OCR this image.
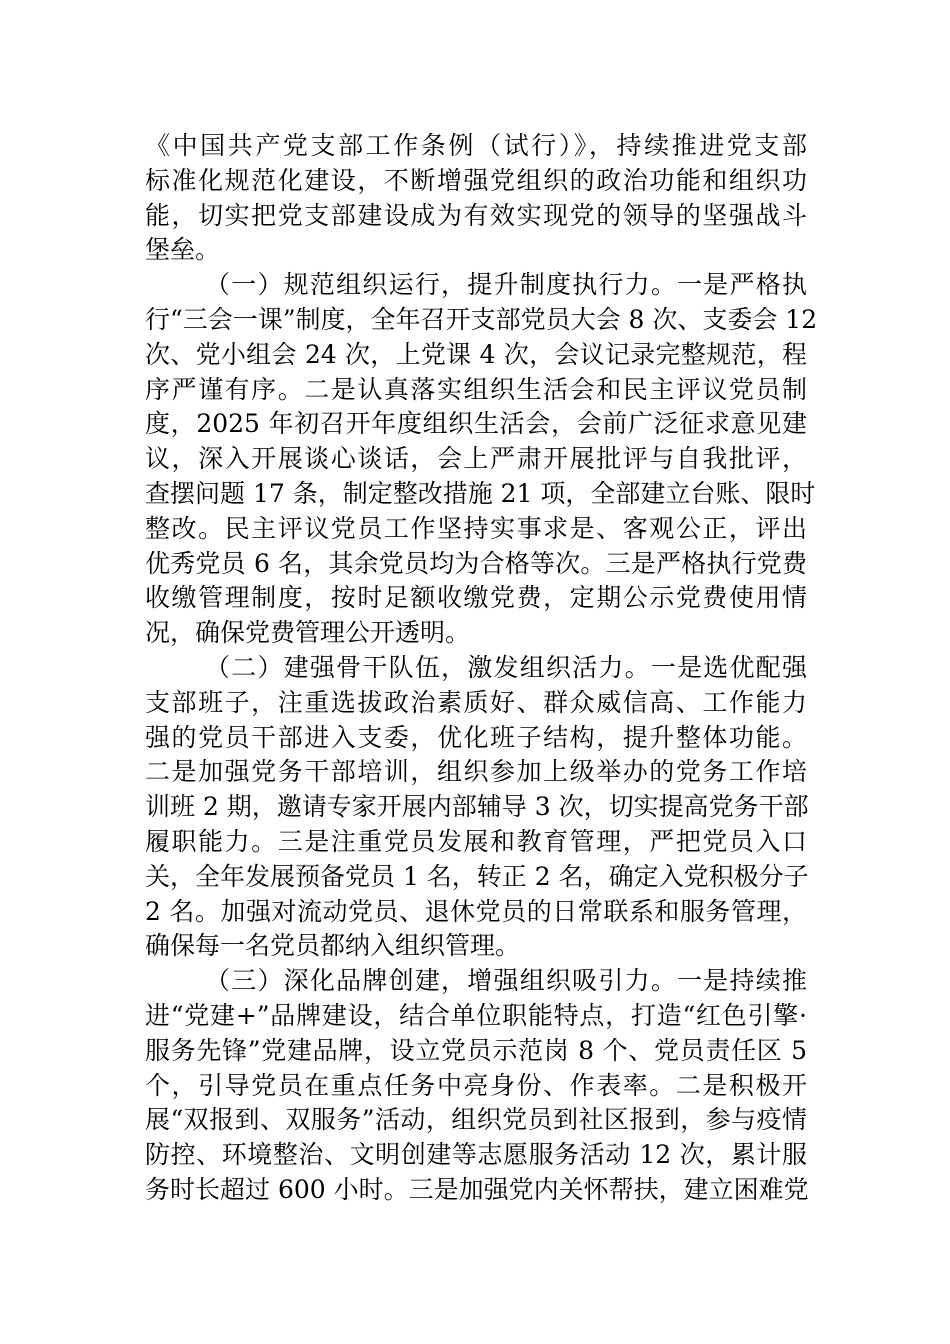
《中国共产党支部工作条例（试行）》，持续推进党支部
标准化规范化建设，不断增强党组织的政治功能和组织功
能，切实把党支部建设成为有效实现党的领导的坚强战斗
堡垒。
（一）规范组织运行，提升制度执行力。一是严格执
行“三会一课”制度，全年召开支部党员大会 8 次、支委会 12
次、党小组会 24 次，上党课 4 次，会议记录完整规范，程
序严谨有序。二是认真落实组织生活会和民主评议党员制
度，2025 年初召开年度组织生活会，会前广泛征求意见建
议，深入开展谈心谈话，会上严肃开展批评与自我批评，
查摆问题 17 条，制定整改措施 21 项，全部建立台账、限时
整改。民主评议党员工作坚持实事求是、客观公正，评出
优秀党员 6 名，其余党员均为合格等次。三是严格执行党费
收缴管理制度，按时足额收缴党费，定期公示党费使用情
况，确保党费管理公开透明。
（二）建强骨干队伍，激发组织活力。一是选优配强
支部班子，注重选拔政治素质好、群众威信高、工作能力
强的党员干部进入支委，优化班子结构，提升整体功能。
二是加强党务干部培训，组织参加上级举办的党务工作培
训班 2 期，邀请专家开展内部辅导 3 次，切实提高党务干部
履职能力。三是注重党员发展和教育管理，严把党员入口
关，全年发展预备党员 1 名，转正 2 名，确定入党积极分子
2 名。加强对流动党员、退休党员的日常联系和服务管理，
确保每一名党员都纳入组织管理。
（三）深化品牌创建，增强组织吸引力。一是持续推
进“党建+”品牌建设，结合单位职能特点，打造“红色引擎·
服务先锋”党建品牌，设立党员示范岗 8 个、党员责任区 5
个，引导党员在重点任务中亮身份、作表率。二是积极开
展“双报到、双服务”活动，组织党员到社区报到，参与疫情
防控、环境整治、文明创建等志愿服务活动 12 次，累计服
务时长超过 600 小时。三是加强党内关怀帮扶，建立困难党
